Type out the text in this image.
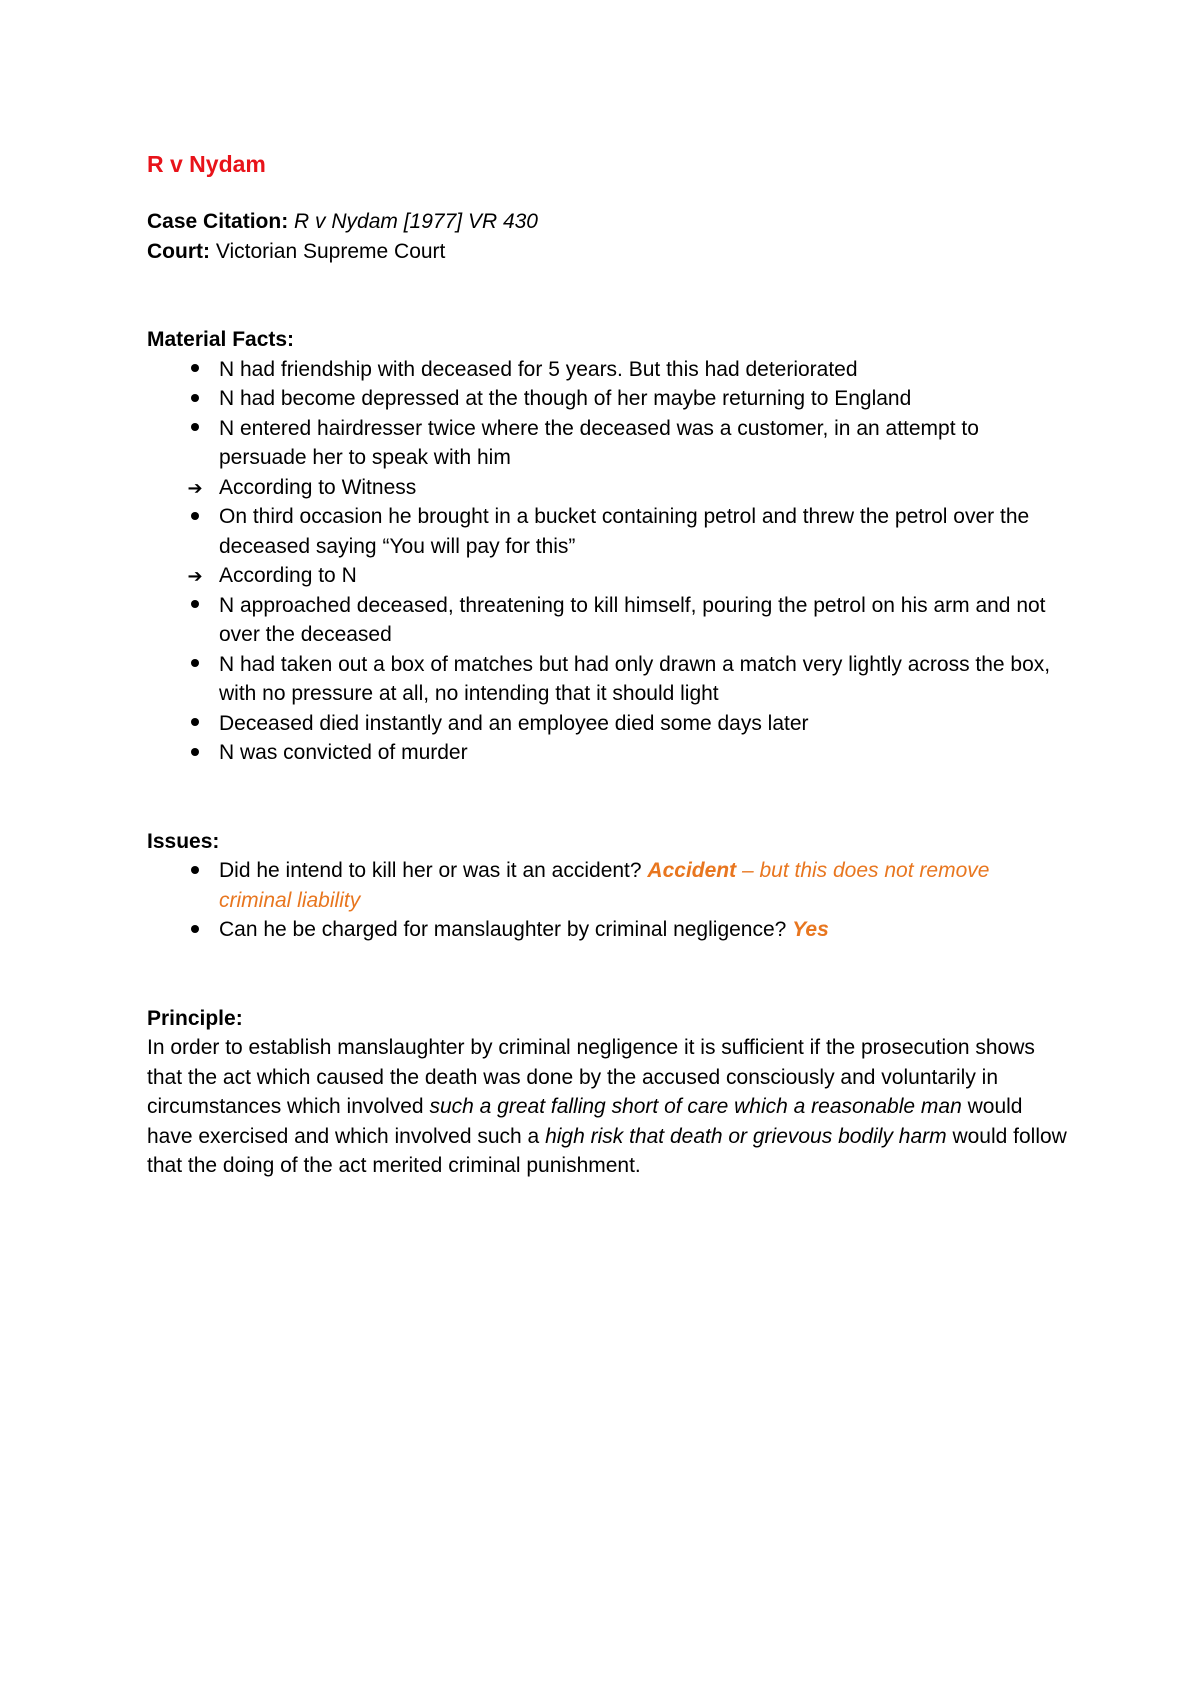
R v Nydam

Case Citation: R v Nydam [1977] VR 430

Court: Victorian Supreme Court

Material Facts:

N had friendship with deceased for 5 years. But this had deteriorated
N had become depressed at the though of her maybe returning to England
N entered hairdresser twice where the deceased was a customer, in an attempt to persuade her to speak with him
➔ According to Witness
On third occasion he brought in a bucket containing petrol and threw the petrol over the deceased saying “You will pay for this”
➔ According to N
N approached deceased, threatening to kill himself, pouring the petrol on his arm and not over the deceased
N had taken out a box of matches but had only drawn a match very lightly across the box, with no pressure at all, no intending that it should light
Deceased died instantly and an employee died some days later
N was convicted of murder

Issues:

Did he intend to kill her or was it an accident? Accident – but this does not remove criminal liability
Can he be charged for manslaughter by criminal negligence? Yes

Principle:

In order to establish manslaughter by criminal negligence it is sufficient if the prosecution shows that the act which caused the death was done by the accused consciously and voluntarily in circumstances which involved such a great falling short of care which a reasonable man would have exercised and which involved such a high risk that death or grievous bodily harm would follow that the doing of the act merited criminal punishment.
